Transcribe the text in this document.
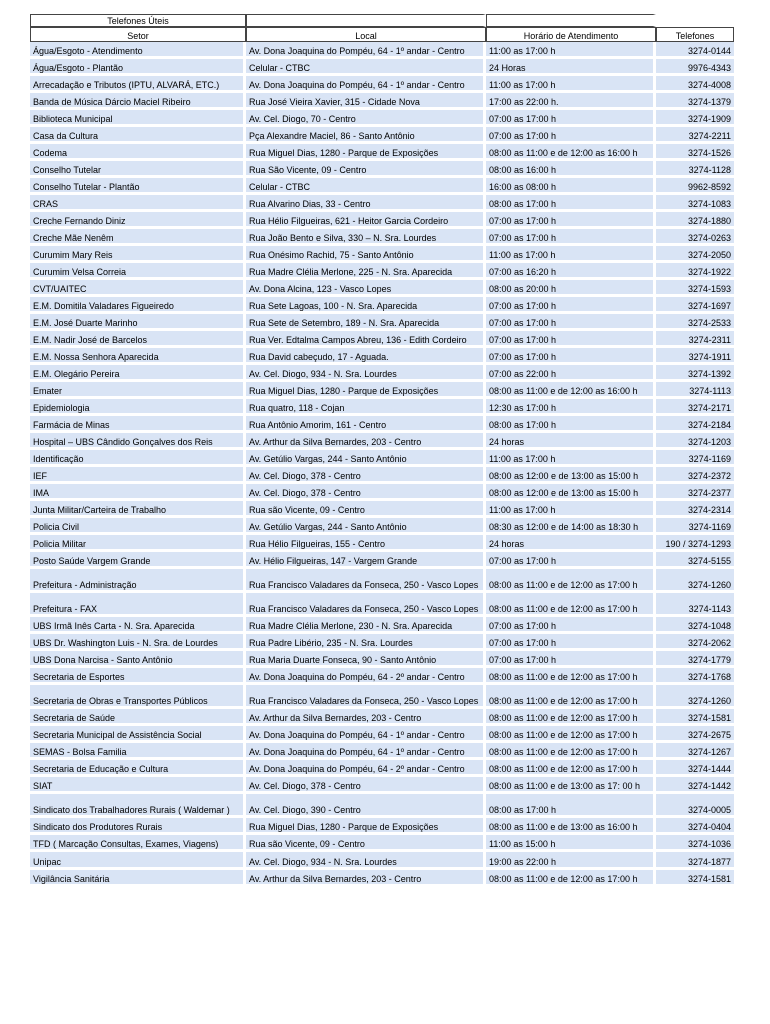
Telefones Úteis			
Setor	Local	Horário de Atendimento	Telefones
Água/Esgoto - Atendimento	Av. Dona Joaquina do Pompéu, 64 - 1º andar - Centro	11:00 as 17:00 h	3274-0144
Água/Esgoto - Plantão	Celular - CTBC	24 Horas	9976-4343
Arrecadação e Tributos (IPTU, ALVARÁ, ETC.)	Av. Dona Joaquina do Pompéu, 64 - 1º andar - Centro	11:00 as 17:00 h	3274-4008
Banda de Música Dárcio Maciel Ribeiro	Rua José Vieira Xavier, 315 - Cidade Nova	17:00 as 22:00 h.	3274-1379
Biblioteca Municipal	Av. Cel. Diogo, 70 - Centro	07:00 as 17:00 h	3274-1909
Casa da Cultura	Pça Alexandre Maciel, 86 - Santo Antônio	07:00 as 17:00 h	3274-2211
Codema	Rua Miguel Dias, 1280 - Parque de Exposições	08:00 as 11:00 e de 12:00 as 16:00 h	3274-1526
Conselho Tutelar	Rua São Vicente, 09 - Centro	08:00 as 16:00 h	3274-1128
Conselho Tutelar - Plantão	Celular - CTBC	16:00 as 08:00 h	9962-8592
CRAS	Rua Alvarino Dias, 33 - Centro	08:00 as 17:00 h	3274-1083
Creche Fernando Diniz	Rua Hélio Filgueiras, 621 - Heitor Garcia Cordeiro	07:00 as 17:00 h	3274-1880
Creche Mãe Nenêm	Rua João Bento e Silva, 330 – N. Sra. Lourdes	07:00 as 17:00 h	3274-0263
Curumim Mary Reis	Rua Onésimo Rachid, 75 - Santo Antônio	11:00 as 17:00 h	3274-2050
Curumim Velsa Correia	Rua Madre Clélia Merlone, 225 - N. Sra. Aparecida	07:00 as 16:20 h	3274-1922
CVT/UAITEC	Av. Dona Alcina, 123 - Vasco Lopes	08:00 as 20:00 h	3274-1593
E.M. Domitila Valadares Figueiredo	Rua Sete Lagoas, 100 - N. Sra. Aparecida	07:00 as 17:00 h	3274-1697
E.M. José Duarte Marinho	Rua Sete de Setembro, 189 - N. Sra. Aparecida	07:00 as 17:00 h	3274-2533
E.M. Nadir José de Barcelos	Rua Ver. Edtalma Campos Abreu, 136 - Edith Cordeiro	07:00 as 17:00 h	3274-2311
E.M. Nossa Senhora Aparecida	Rua David cabeçudo, 17 - Aguada.	07:00 as 17:00 h	3274-1911
E.M. Olegário Pereira	Av. Cel. Diogo, 934 - N. Sra. Lourdes	07:00 as 22:00 h	3274-1392
Emater	Rua Miguel Dias, 1280 - Parque de Exposições	08:00 as 11:00 e de 12:00 as 16:00 h	3274-1113
Epidemiologia	Rua quatro, 118 - Cojan	12:30 as 17:00 h	3274-2171
Farmácia de Minas	Rua Antônio Amorim, 161 - Centro	08:00 as 17:00 h	3274-2184
Hospital – UBS Cândido Gonçalves dos Reis	Av. Arthur da Silva Bernardes, 203 - Centro	24 horas	3274-1203
Identificação	Av. Getúlio Vargas, 244 - Santo Antônio	11:00 as 17:00 h	3274-1169
IEF	Av. Cel. Diogo, 378 - Centro	08:00 as 12:00 e de 13:00 as 15:00 h	3274-2372
IMA	Av. Cel. Diogo, 378 - Centro	08:00 as 12:00 e de 13:00 as 15:00 h	3274-2377
Junta Militar/Carteira de Trabalho	Rua são Vicente, 09 - Centro	11:00 as 17:00 h	3274-2314
Policia Civil	Av. Getúlio Vargas, 244 - Santo Antônio	08:30 as 12:00 e de 14:00 as 18:30 h	3274-1169
Policia Militar	Rua Hélio Filgueiras, 155 - Centro	24 horas	190 / 3274-1293
Posto Saúde Vargem Grande	Av. Hélio Filgueiras, 147 - Vargem Grande	07:00 as 17:00 h	3274-5155
Prefeitura - Administração	Rua Francisco Valadares da Fonseca, 250 - Vasco Lopes	08:00 as 11:00 e de 12:00 as 17:00 h	3274-1260
Prefeitura - FAX	Rua Francisco Valadares da Fonseca, 250 - Vasco Lopes	08:00 as 11:00 e de 12:00 as 17:00 h	3274-1143
UBS Irmã Inês Carta - N. Sra. Aparecida	Rua Madre Clélia Merlone, 230 - N. Sra. Aparecida	07:00 as 17:00 h	3274-1048
UBS Dr. Washington Luis - N. Sra. de Lourdes	Rua Padre Libério, 235 - N. Sra. Lourdes	07:00 as 17:00 h	3274-2062
UBS Dona Narcisa - Santo Antônio	Rua Maria Duarte Fonseca, 90 - Santo Antônio	07:00 as 17:00 h	3274-1779
Secretaria de Esportes	Av. Dona Joaquina do Pompéu, 64 - 2º andar - Centro	08:00 as 11:00 e de 12:00 as 17:00 h	3274-1768
Secretaria de Obras e Transportes Públicos	Rua Francisco Valadares da Fonseca, 250 - Vasco Lopes	08:00 as 11:00 e de 12:00 as 17:00 h	3274-1260
Secretaria de Saúde	Av. Arthur da Silva Bernardes, 203 - Centro	08:00 as 11:00 e de 12:00 as 17:00 h	3274-1581
Secretaria Municipal de Assistência Social	Av. Dona Joaquina do Pompéu, 64 - 1º andar - Centro	08:00 as 11:00 e de 12:00 as 17:00 h	3274-2675
SEMAS - Bolsa Familia	Av. Dona Joaquina do Pompéu, 64 - 1º andar - Centro	08:00 as 11:00 e de 12:00 as 17:00 h	3274-1267
Secretaria de Educação e Cultura	Av. Dona Joaquina do Pompéu, 64 - 2º andar - Centro	08:00 as 11:00 e de 12:00 as 17:00 h	3274-1444
SIAT	Av. Cel. Diogo, 378 - Centro	08:00 as 11:00 e de 13:00 as 17: 00 h	3274-1442
Sindicato dos Trabalhadores Rurais ( Waldemar )	Av. Cel. Diogo, 390 - Centro	08:00 as 17:00 h	3274-0005
Sindicato dos Produtores Rurais	Rua Miguel Dias, 1280 - Parque de Exposições	08:00 as 11:00 e de 13:00 as 16:00 h	3274-0404
TFD ( Marcação Consultas, Exames, Viagens)	Rua são Vicente, 09 - Centro	11:00 as 15:00 h	3274-1036
Unipac	Av. Cel. Diogo, 934 - N. Sra. Lourdes	19:00 as 22:00 h	3274-1877
Vigilância Sanitária	Av. Arthur da Silva Bernardes, 203 - Centro	08:00 as 11:00 e de 12:00 as 17:00 h	3274-1581
